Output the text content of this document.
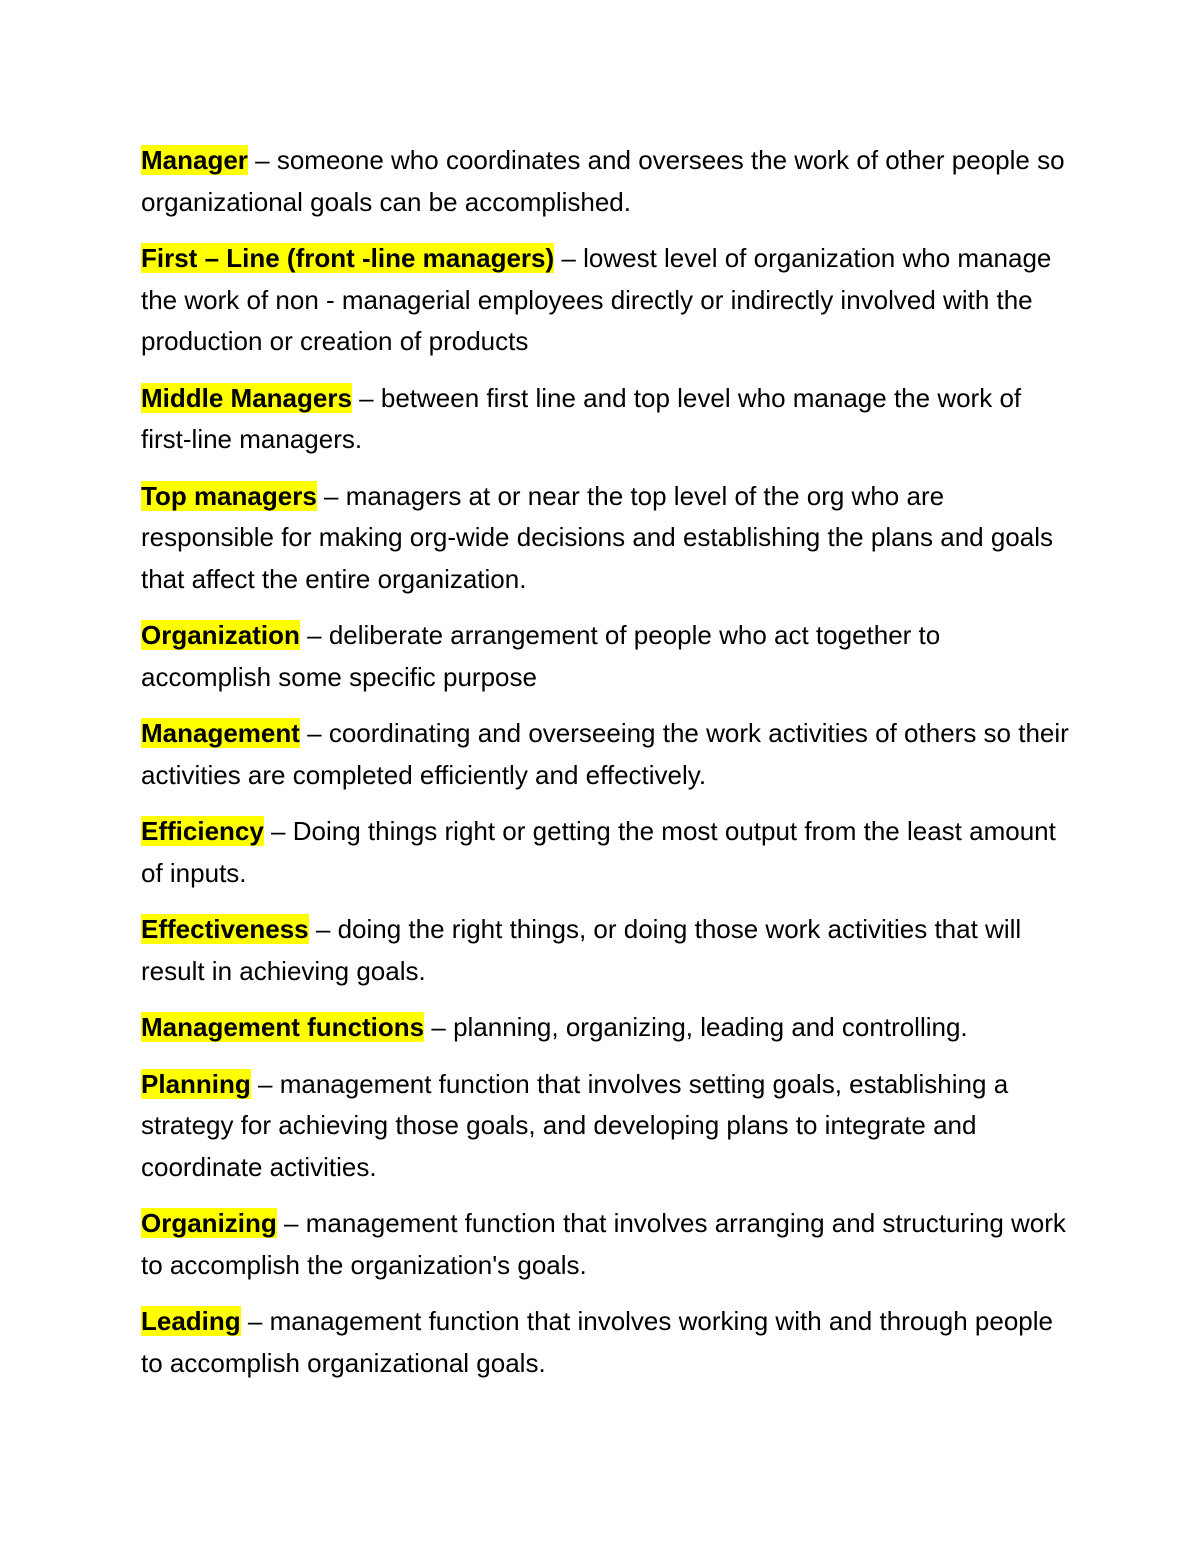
Manager – someone who coordinates and oversees the work of other people so organizational goals can be accomplished.

First – Line (front -line managers) – lowest level of organization who manage the work of non - managerial employees directly or indirectly involved with the production or creation of products

Middle Managers – between first line and top level who manage the work of first-line managers.

Top managers – managers at or near the top level of the org who are responsible for making org-wide decisions and establishing the plans and goals that affect the entire organization.

Organization – deliberate arrangement of people who act together to accomplish some specific purpose

Management – coordinating and overseeing the work activities of others so their activities are completed efficiently and effectively.

Efficiency – Doing things right or getting the most output from the least amount of inputs.

Effectiveness – doing the right things, or doing those work activities that will result in achieving goals.

Management functions – planning, organizing, leading and controlling.

Planning – management function that involves setting goals, establishing a strategy for achieving those goals, and developing plans to integrate and coordinate activities.

Organizing – management function that involves arranging and structuring work to accomplish the organization's goals.

Leading – management function that involves working with and through people to accomplish organizational goals.
